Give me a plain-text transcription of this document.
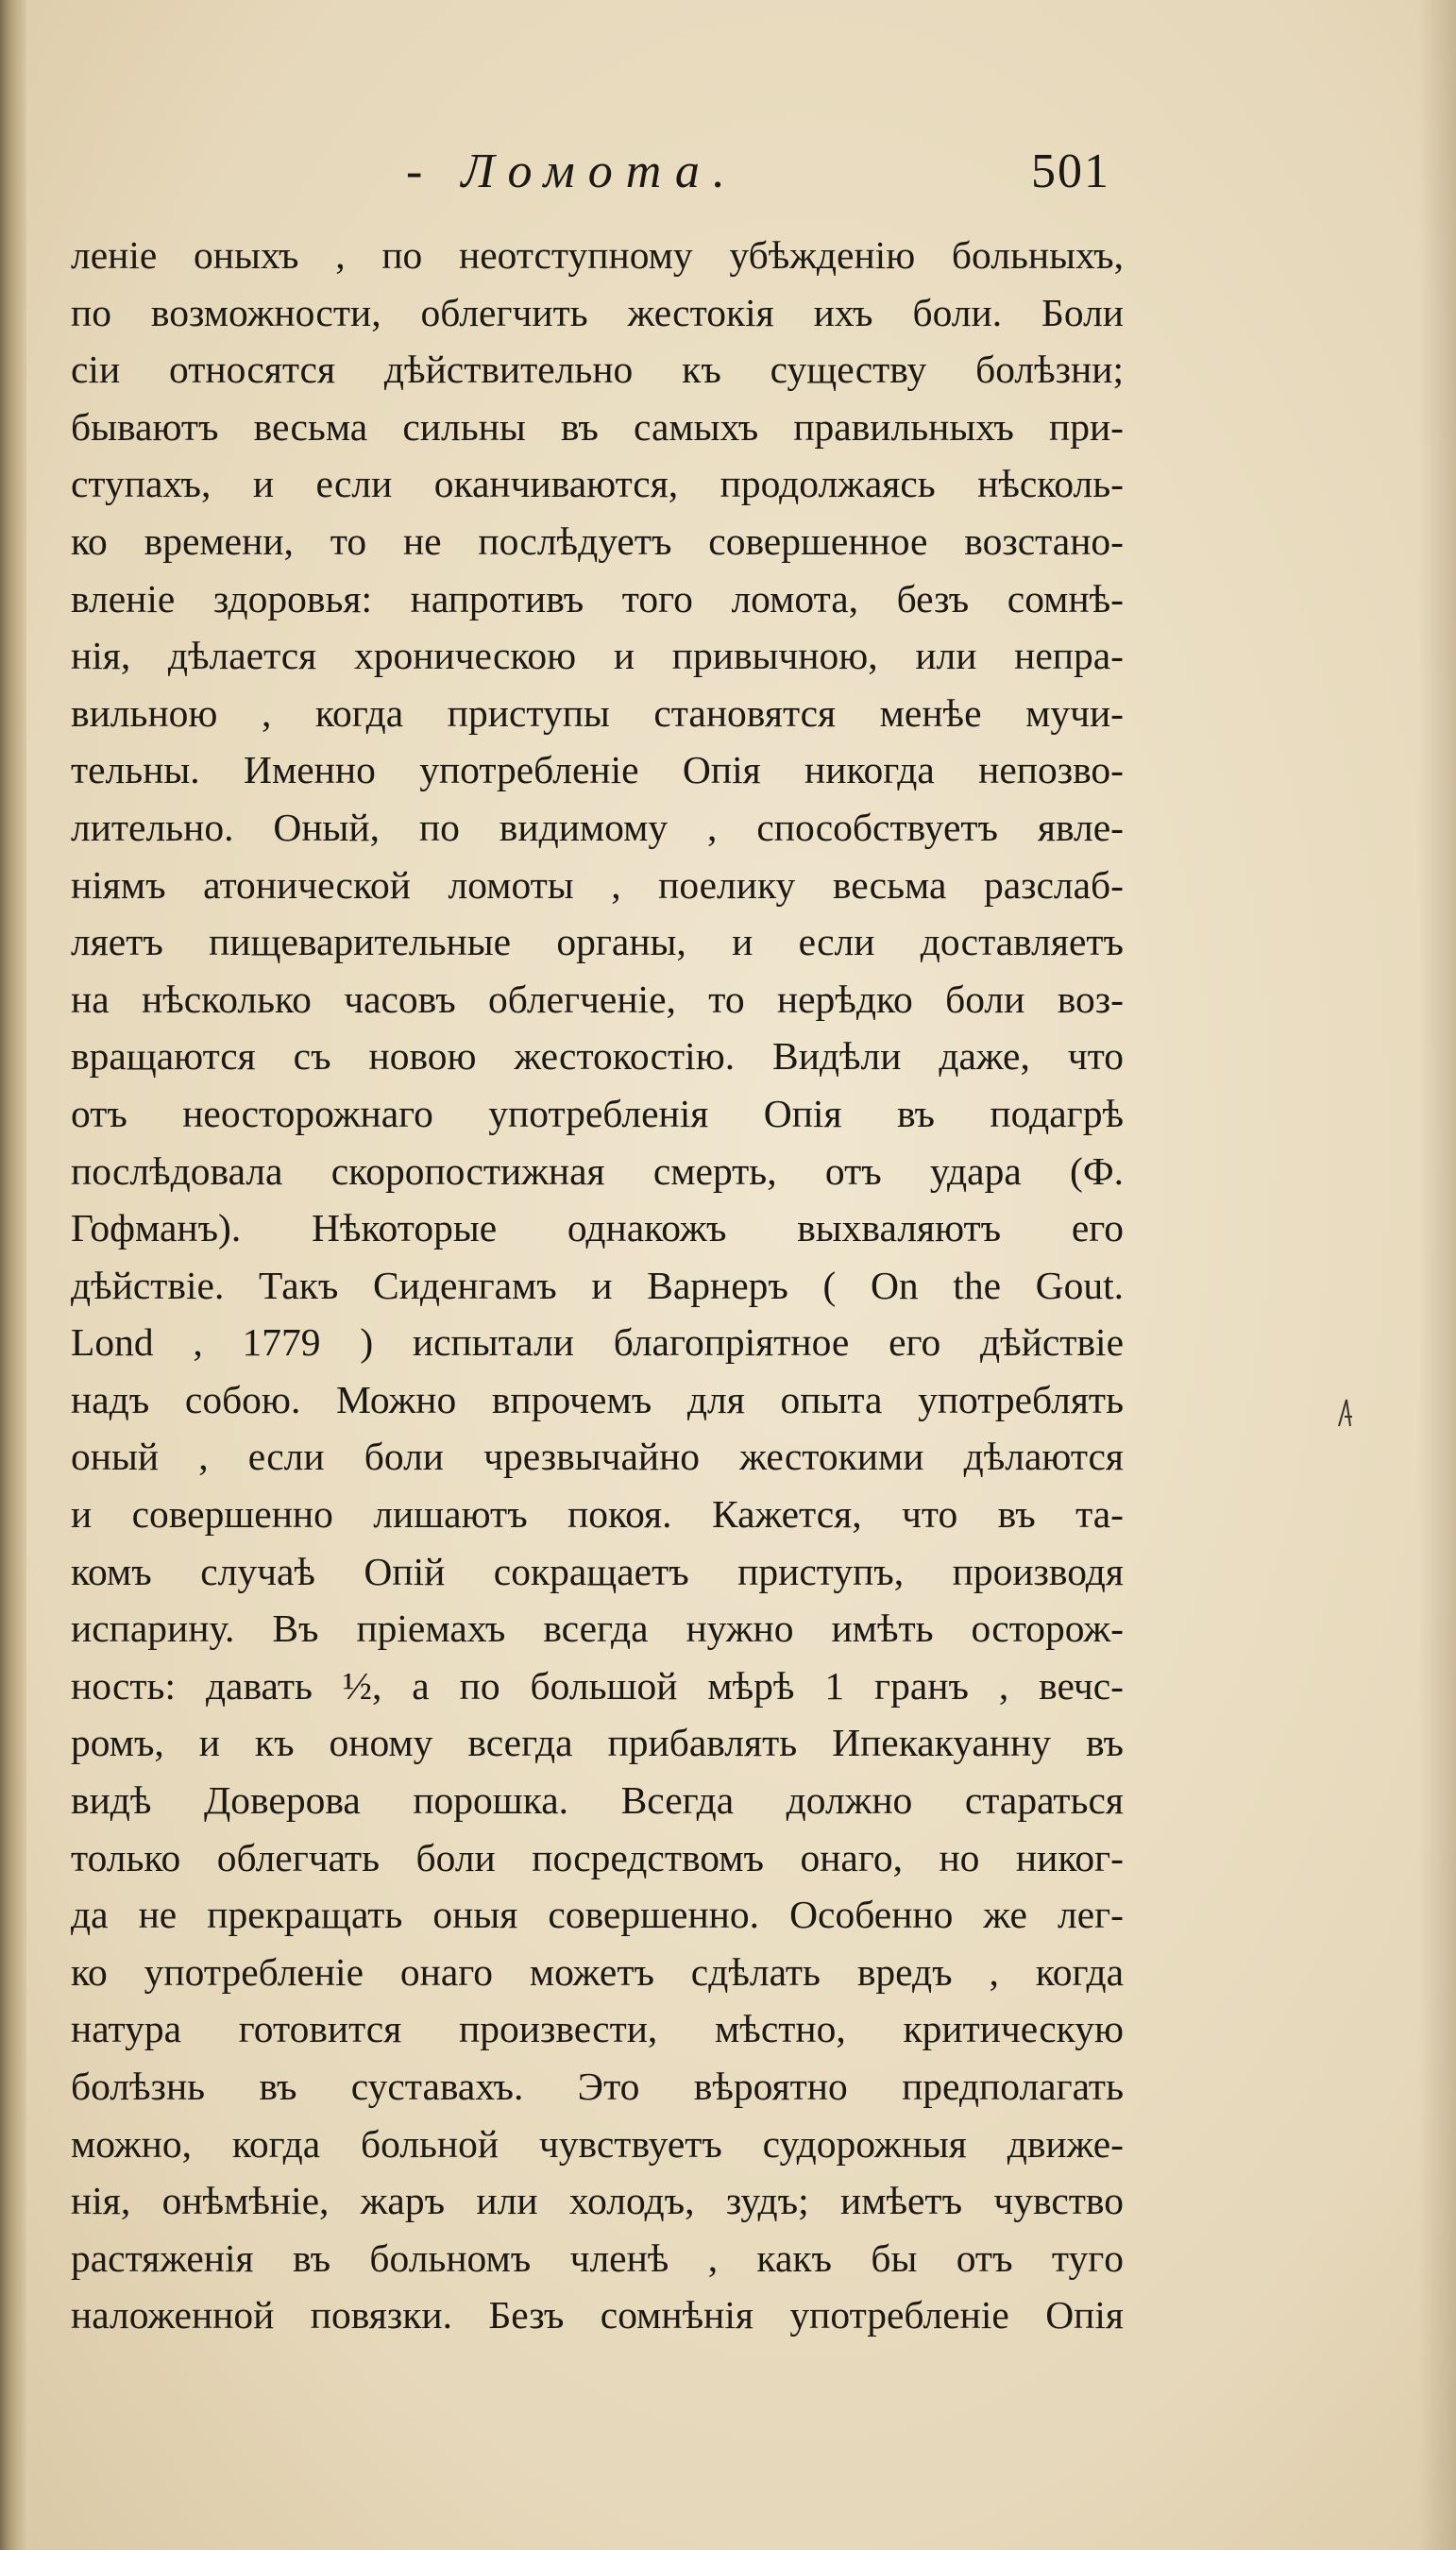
- Ломота.	501
леніе оныхъ , по неотступному убѣжденію больныхъ,
по возможности, облегчить жестокія ихъ боли. Боли
сіи относятся дѣйствительно къ существу болѣзни;
бываютъ весьма сильны въ самыхъ правильныхъ при-
ступахъ, и если оканчиваются, продолжаясь нѣсколь-
ко времени, то не послѣдуетъ совершенное возстано-
вленіе здоровья: напротивъ того ломота, безъ сомнѣ-
нія, дѣлается хроническою и привычною, или непра-
вильною , когда приступы становятся менѣе мучи-
тельны. Именно употребленіе Опія никогда непозво-
лительно. Оный, по видимому , способствуетъ явле-
ніямъ атонической ломоты , поелику весьма разслаб-
ляетъ пищеварительные органы, и если доставляетъ
на нѣсколько часовъ облегченіе, то нерѣдко боли воз-
вращаются съ новою жестокостію. Видѣли даже, что
отъ неосторожнаго употребленія Опія въ подагрѣ
послѣдовала скоропостижная смерть, отъ удара (Ф.
Гофманъ). Нѣкоторые однакожъ выхваляютъ его
дѣйствіе. Такъ Сиденгамъ и Варнеръ ( On the Gout.
Lond , 1779 ) испытали благопріятное его дѣйствіе
надъ собою. Можно впрочемъ для опыта употреблять
оный , если боли чрезвычайно жестокими дѣлаются
и совершенно лишаютъ покоя. Кажется, что въ та-
комъ случаѣ Опій сокращаетъ приступъ, производя
испарину. Въ пріемахъ всегда нужно имѣть осторож-
ность: давать ½, а по большой мѣрѣ 1 гранъ , вечс-
ромъ, и къ оному всегда прибавлять Ипекакуанну въ
видѣ Доверова порошка. Всегда должно стараться
только облегчать боли посредствомъ онаго, но никог-
да не прекращать оныя совершенно. Особенно же лег-
ко употребленіе онаго можетъ сдѣлать вредъ , когда
натура готовится произвести, мѣстно, критическую
болѣзнь въ суставахъ. Это вѣроятно предполагать
можно, когда больной чувствуетъ судорожныя движе-
нія, онѣмѣніе, жаръ или холодъ, зудъ; имѣетъ чувство
растяженія въ больномъ членѣ , какъ бы отъ тугo
наложенной повязки. Безъ сомнѣнія употребленіе Опія
